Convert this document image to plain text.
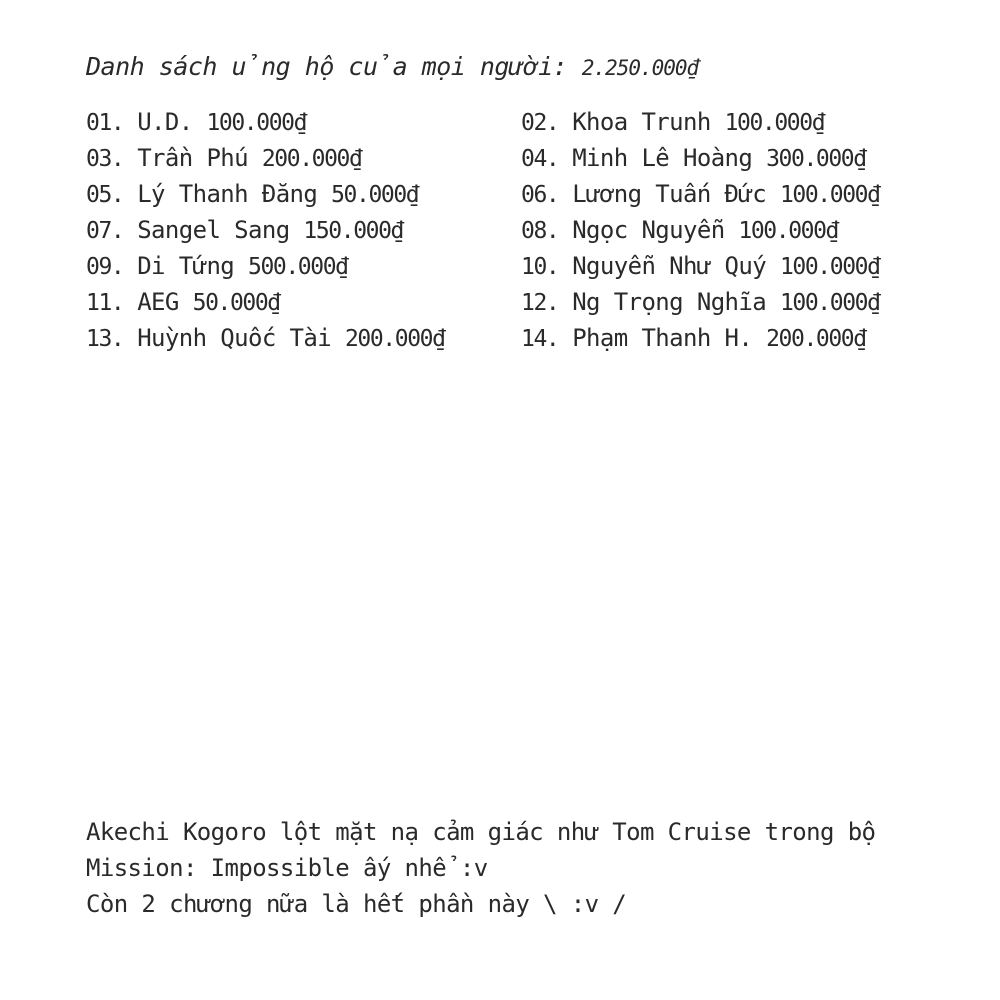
Danh sách ủng hộ của mọi người: 2.250.000₫
01. U.D. 100.000₫	02. Khoa Trunh 100.000₫
03. Trần Phú 200.000₫	04. Minh Lê Hoàng 300.000₫
05. Lý Thanh Đăng 50.000₫	06. Lương Tuấn Đức 100.000₫
07. Sangel Sang 150.000₫	08. Ngọc Nguyễn 100.000₫
09. Di Tứng 500.000₫	10. Nguyễn Như Quý 100.000₫
11. AEG 50.000₫	12. Ng Trọng Nghĩa 100.000₫
13. Huỳnh Quốc Tài 200.000₫	14. Phạm Thanh H. 200.000₫
Akechi Kogoro lột mặt nạ cảm giác như Tom Cruise trong bộ
Mission: Impossible ấy nhể :v
Còn 2 chương nữa là hết phần này \ :v /
